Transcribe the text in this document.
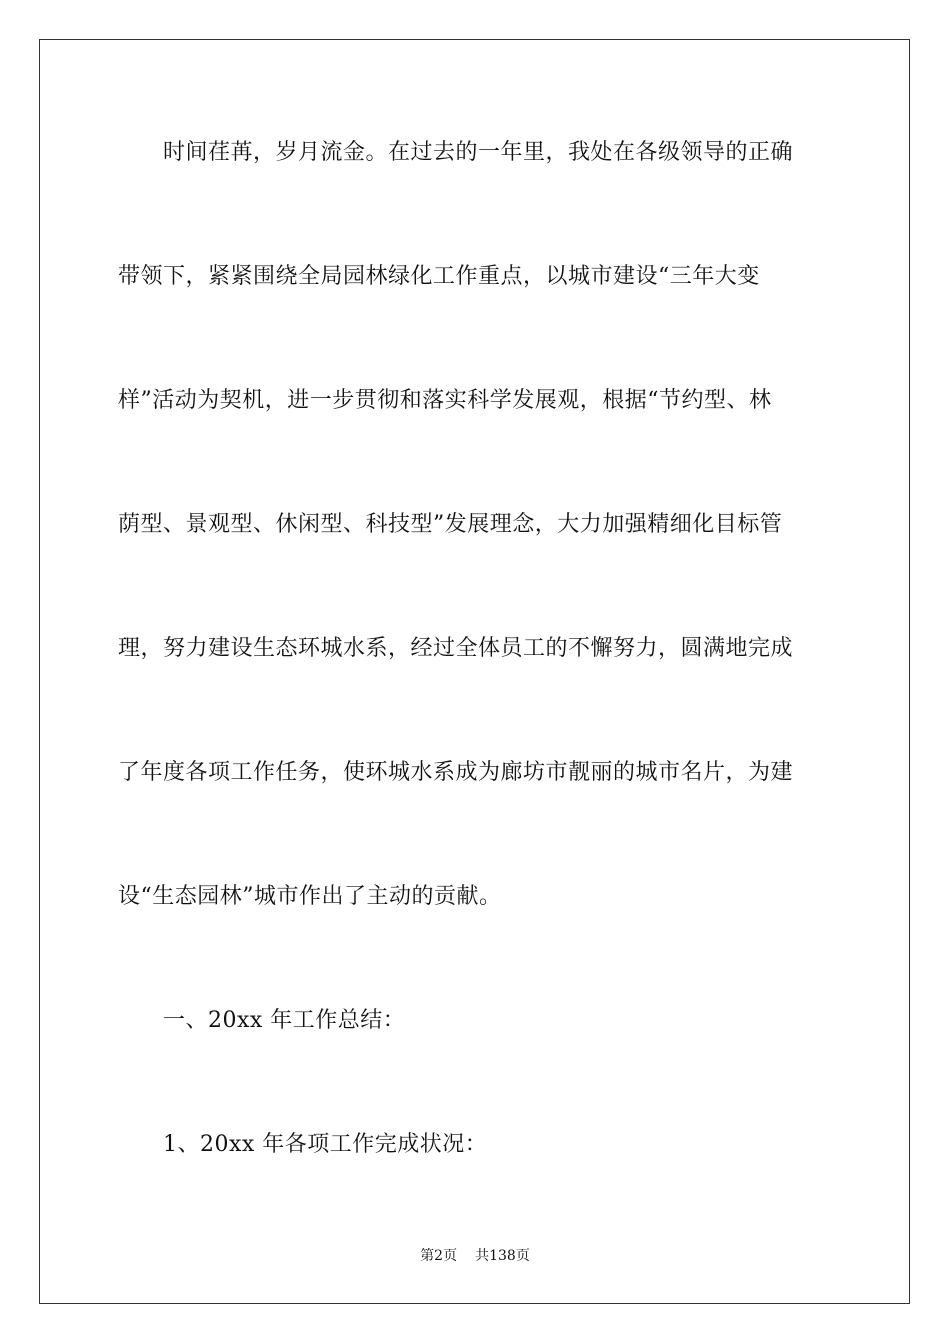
时间荏苒，岁月流金。在过去的一年里，我处在各级领导的正确
带领下，紧紧围绕全局园林绿化工作重点，以城市建设“三年大变
样”活动为契机，进一步贯彻和落实科学发展观，根据“节约型、林
荫型、景观型、休闲型、科技型”发展理念，大力加强精细化目标管
理，努力建设生态环城水系，经过全体员工的不懈努力，圆满地完成
了年度各项工作任务，使环城水系成为廊坊市靓丽的城市名片，为建
设“生态园林”城市作出了主动的贡献。
一、20xx 年工作总结：
1、20xx 年各项工作完成状况：
第2页 共138页
